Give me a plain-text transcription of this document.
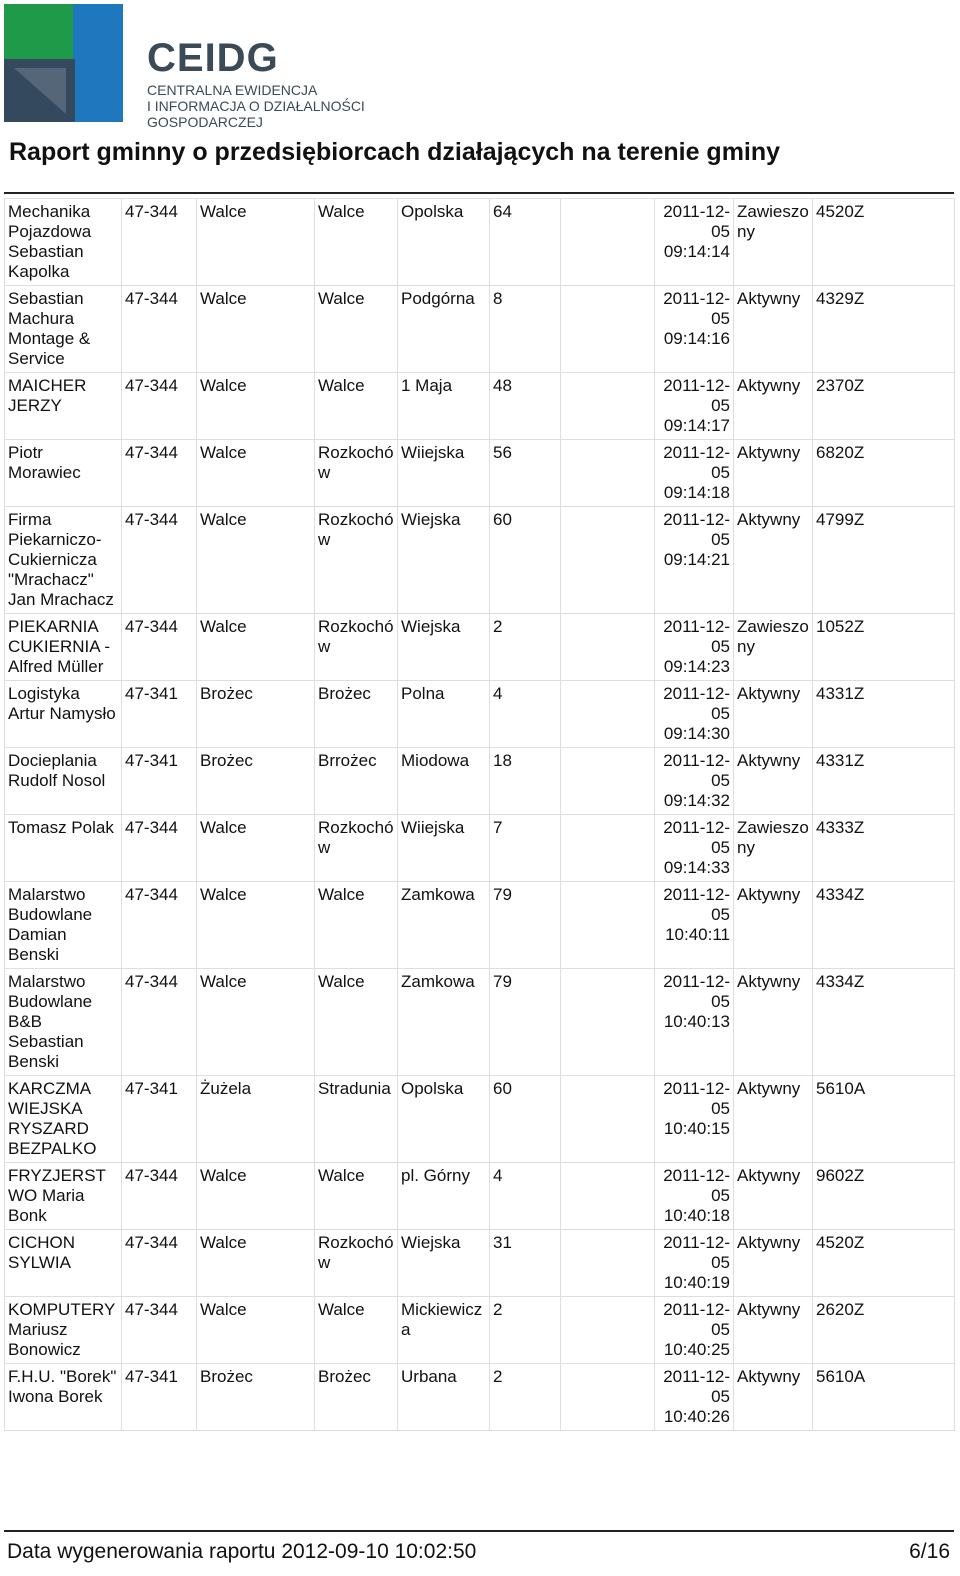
CEIDG
CENTRALNA EWIDENCJA
I INFORMACJA O DZIAŁALNOŚCI
GOSPODARCZEJ
Raport gminny o przedsiębiorcach działających na terenie gminy
Mechanika Pojazdowa Sebastian Kapolka	47-344	Walce	Walce	Opolska	64		2011-12-05 09:14:14	Zawieszony	4520Z
Sebastian Machura Montage & Service	47-344	Walce	Walce	Podgórna	8		2011-12-05 09:14:16	Aktywny	4329Z
MAICHER JERZY	47-344	Walce	Walce	1 Maja	48		2011-12-05 09:14:17	Aktywny	2370Z
Piotr Morawiec	47-344	Walce	Rozkochów	Wiiejska	56		2011-12-05 09:14:18	Aktywny	6820Z
Firma Piekarniczo-Cukiernicza "Mrachacz" Jan Mrachacz	47-344	Walce	Rozkochów	Wiejska	60		2011-12-05 09:14:21	Aktywny	4799Z
PIEKARNIA CUKIERNIA - Alfred Müller	47-344	Walce	Rozkochów	Wiejska	2		2011-12-05 09:14:23	Zawieszony	1052Z
Logistyka Artur Namysło	47-341	Brożec	Brożec	Polna	4		2011-12-05 09:14:30	Aktywny	4331Z
Docieplania Rudolf Nosol	47-341	Brożec	Brrożec	Miodowa	18		2011-12-05 09:14:32	Aktywny	4331Z
Tomasz Polak	47-344	Walce	Rozkochów	Wiiejska	7		2011-12-05 09:14:33	Zawieszony	4333Z
Malarstwo Budowlane Damian Benski	47-344	Walce	Walce	Zamkowa	79		2011-12-05 10:40:11	Aktywny	4334Z
Malarstwo Budowlane B&B Sebastian Benski	47-344	Walce	Walce	Zamkowa	79		2011-12-05 10:40:13	Aktywny	4334Z
KARCZMA WIEJSKA RYSZARD BEZPALKO	47-341	Żużela	Stradunia	Opolska	60		2011-12-05 10:40:15	Aktywny	5610A
FRYZJERSTWO Maria Bonk	47-344	Walce	Walce	pl. Górny	4		2011-12-05 10:40:18	Aktywny	9602Z
CICHON SYLWIA	47-344	Walce	Rozkochów	Wiejska	31		2011-12-05 10:40:19	Aktywny	4520Z
KOMPUTERY Mariusz Bonowicz	47-344	Walce	Walce	Mickiewicza	2		2011-12-05 10:40:25	Aktywny	2620Z
F.H.U. "Borek" Iwona Borek	47-341	Brożec	Brożec	Urbana	2		2011-12-05 10:40:26	Aktywny	5610A
Data wygenerowania raportu 2012-09-10 10:02:50	6/16
